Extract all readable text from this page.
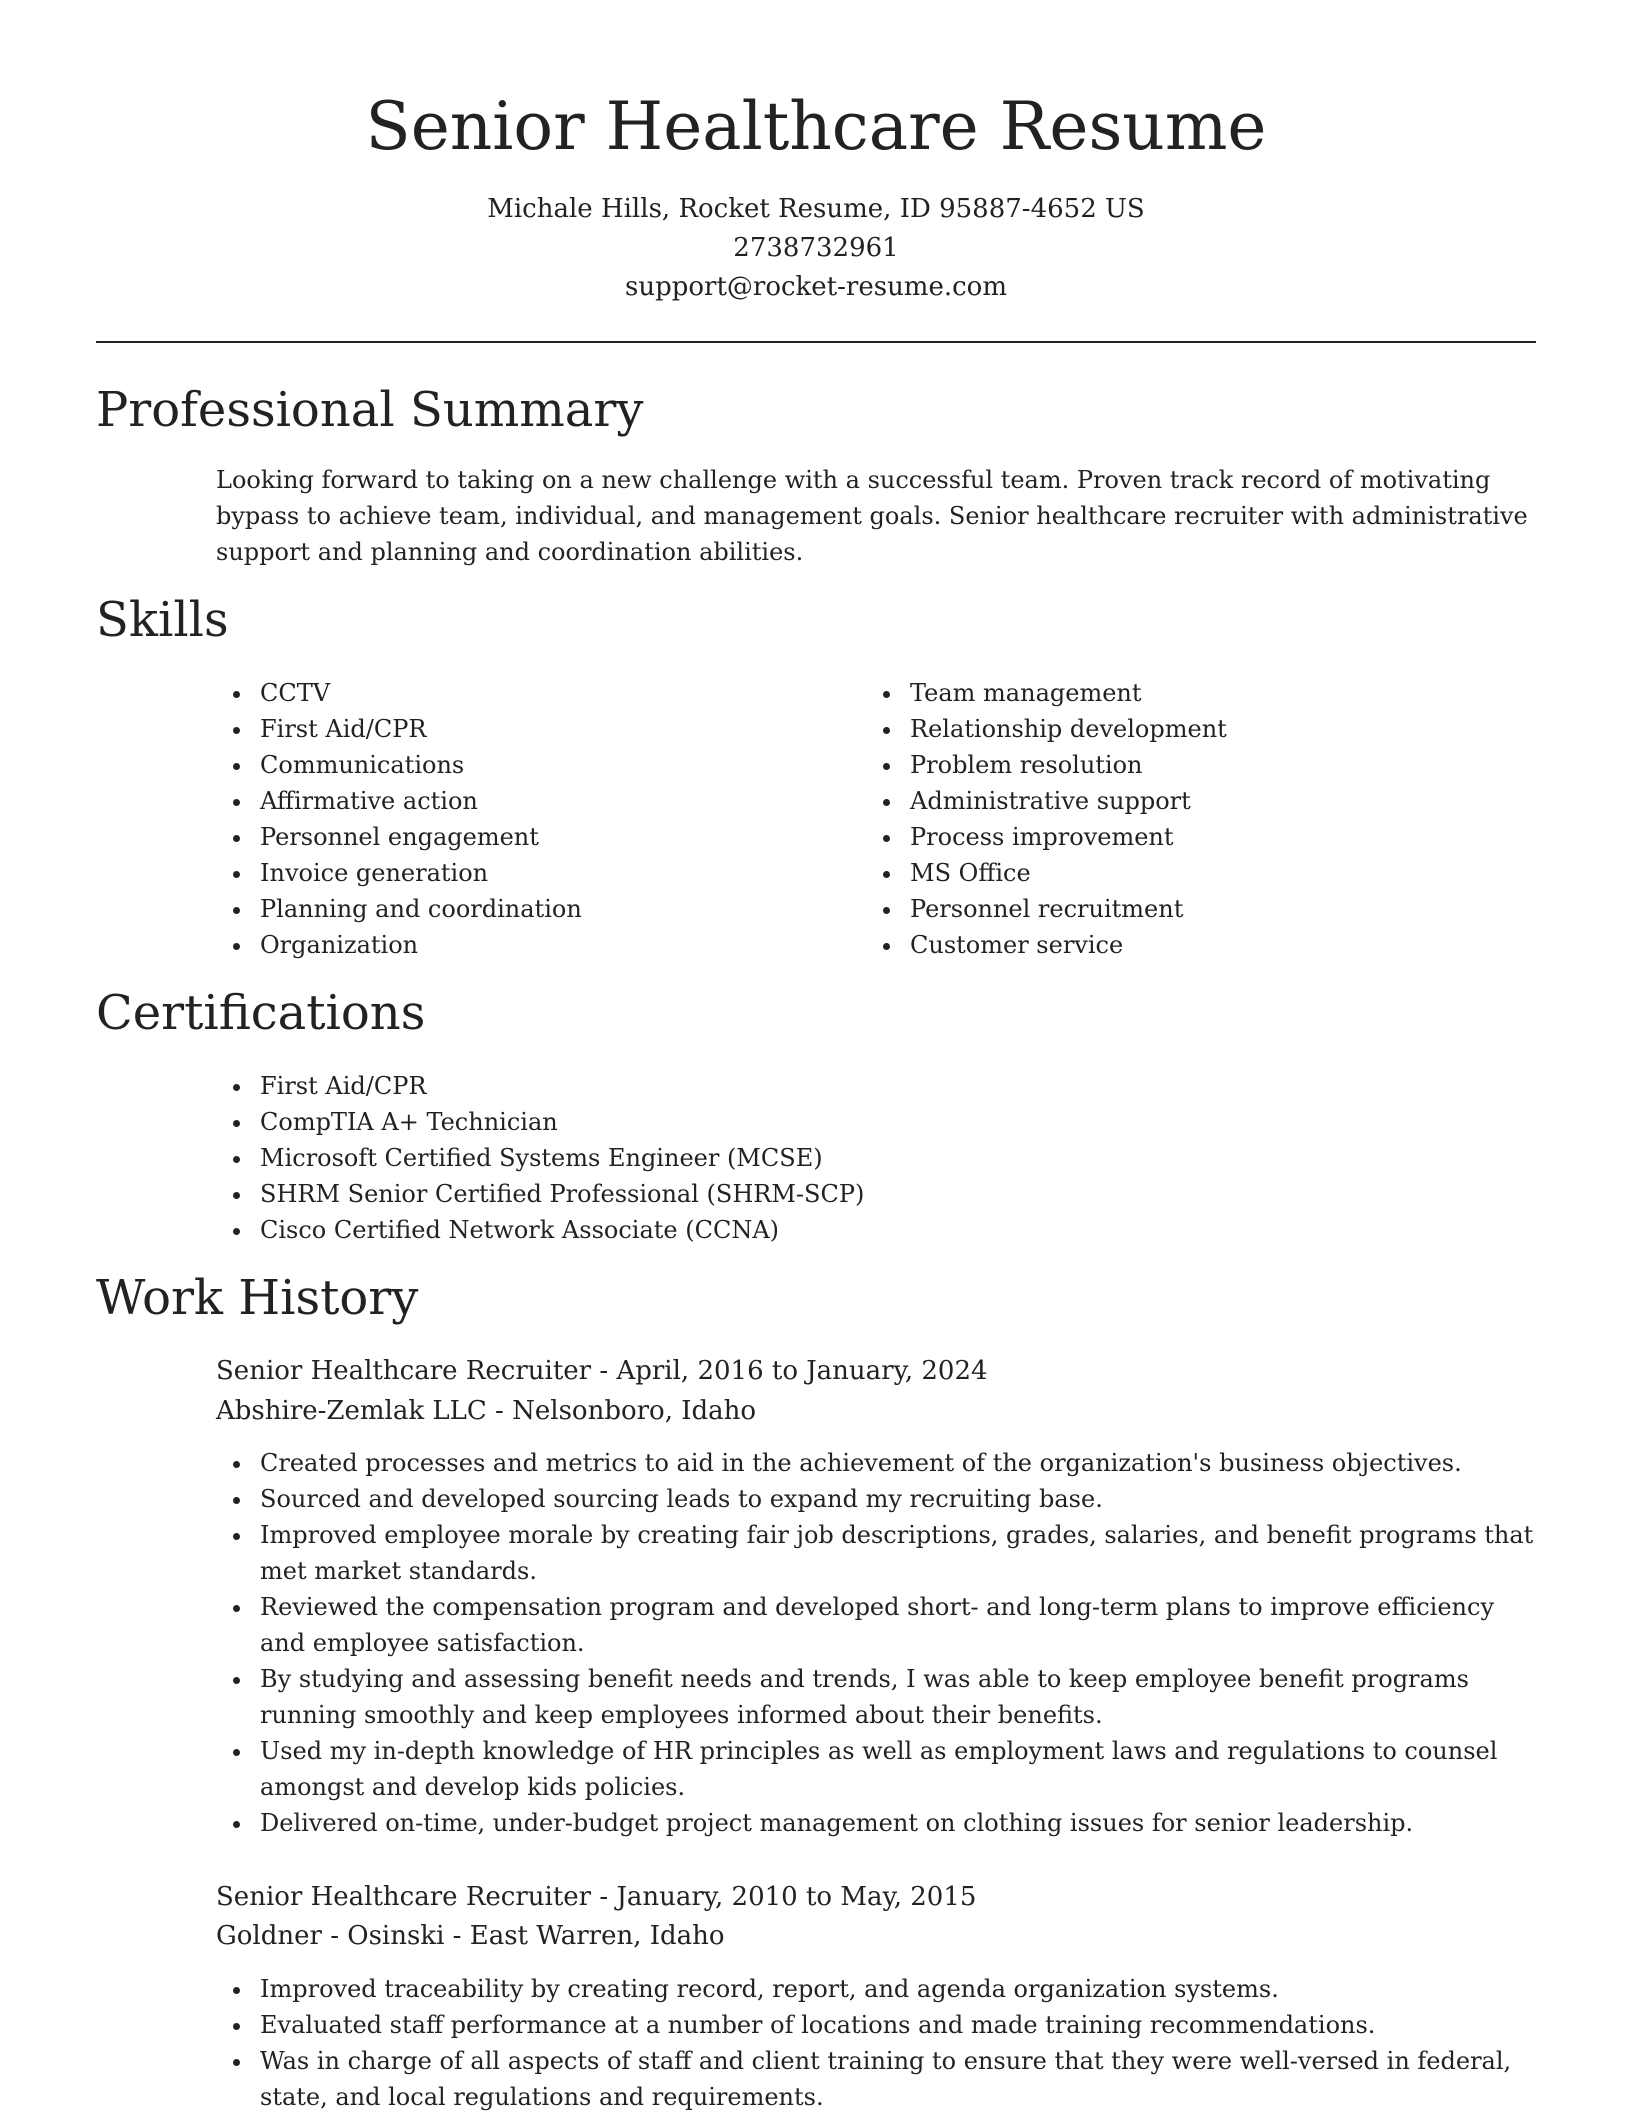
Senior Healthcare Resume
Michale Hills, Rocket Resume, ID 95887-4652 US
2738732961
support@rocket-resume.com
Professional Summary

Looking forward to taking on a new challenge with a successful team. Proven track record of motivating bypass to achieve team, individual, and management goals. Senior healthcare recruiter with administrative support and planning and coordination abilities.

Skills
CCTV
First Aid/CPR
Communications
Affirmative action
Personnel engagement
Invoice generation
Planning and coordination
Organization
Team management
Relationship development
Problem resolution
Administrative support
Process improvement
MS Office
Personnel recruitment
Customer service
Certifications
First Aid/CPR
CompTIA A+ Technician
Microsoft Certified Systems Engineer (MCSE)
SHRM Senior Certified Professional (SHRM-SCP)
Cisco Certified Network Associate (CCNA)
Work History
Senior Healthcare Recruiter - April, 2016 to January, 2024
Abshire-Zemlak LLC - Nelsonboro, Idaho
Created processes and metrics to aid in the achievement of the organization's business objectives.
Sourced and developed sourcing leads to expand my recruiting base.
Improved employee morale by creating fair job descriptions, grades, salaries, and benefit programs that met market standards.
Reviewed the compensation program and developed short- and long-term plans to improve efficiency and employee satisfaction.
By studying and assessing benefit needs and trends, I was able to keep employee benefit programs running smoothly and keep employees informed about their benefits.
Used my in-depth knowledge of HR principles as well as employment laws and regulations to counsel amongst and develop kids policies.
Delivered on-time, under-budget project management on clothing issues for senior leadership.
Senior Healthcare Recruiter - January, 2010 to May, 2015
Goldner - Osinski - East Warren, Idaho
Improved traceability by creating record, report, and agenda organization systems.
Evaluated staff performance at a number of locations and made training recommendations.
Was in charge of all aspects of staff and client training to ensure that they were well-versed in federal, state, and local regulations and requirements.
